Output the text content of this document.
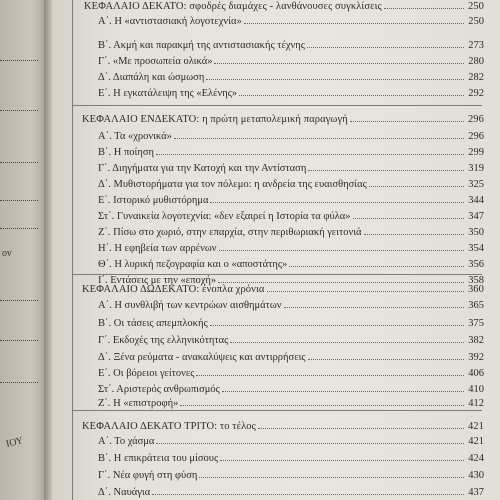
ον
ΙΟΥ
ΚΕΦΑΛΑΙΟ ΔΕΚΑΤΟ: σφοδρές διαμάχες - λανθάνουσες συγκλίσεις	250
Α΄. Η «αντιστασιακή λογοτεχνία»	250
Β΄. Ακμή και παρακμή της αντιστασιακής τέχνης	273
Γ΄. «Με προσωπεία ολικά»	280
Δ΄. Διαπάλη και ώσμωση	282
Ε΄. Η εγκατάλειψη της «Ελένης»	292
ΚΕΦΑΛΑΙΟ ΕΝΔΕΚΑΤΟ: η πρώτη μεταπολεμική παραγωγή	296
Α΄. Τα «χρονικά»	296
Β΄. Η ποίηση	299
Γ΄. Διηγήματα για την Κατοχή και την Αντίσταση	319
Δ΄. Μυθιστορήματα για τον πόλεμο: η ανδρεία της ευαισθησίας	325
Ε΄. Ιστορικό μυθιστόρημα	344
Στ΄. Γυναικεία λογοτεχνία: «δεν εξαιρεί η Ιστορία τα φύλα»	347
Ζ΄. Πίσω στο χωριό, στην επαρχία, στην περιθωριακή γειτονιά	350
Η΄. Η εφηβεία των αρρένων	354
Θ΄. Η λυρική πεζογραφία και ο «αποστάτης»	356
Ι΄. Εντάσεις με την «εποχή»	358
ΚΕΦΑΛΑΙΟ ΔΩΔΕΚΑΤΟ: ένοπλα χρόνια	360
Α΄. Η συνθλιβή των κεντρώων αισθημάτων	365
Β΄. Οι τάσεις απεμπλοκής	375
Γ΄. Εκδοχές της ελληνικότητας	382
Δ΄. Ξένα ρεύματα - ανακαλύψεις και αντιρρήσεις	392
Ε΄. Οι βόρειοι γείτονες	406
Στ΄. Αριστερός ανθρωπισμός	410
Ζ΄. Η «επιστροφή»	412
ΚΕΦΑΛΑΙΟ ΔΕΚΑΤΟ ΤΡΙΤΟ: το τέλος	421
Α΄. Το χάσμα	421
Β΄. Η επικράτεια του μίσους	424
Γ΄. Νέα φυγή στη φύση	430
Δ΄. Ναυάγια	437
